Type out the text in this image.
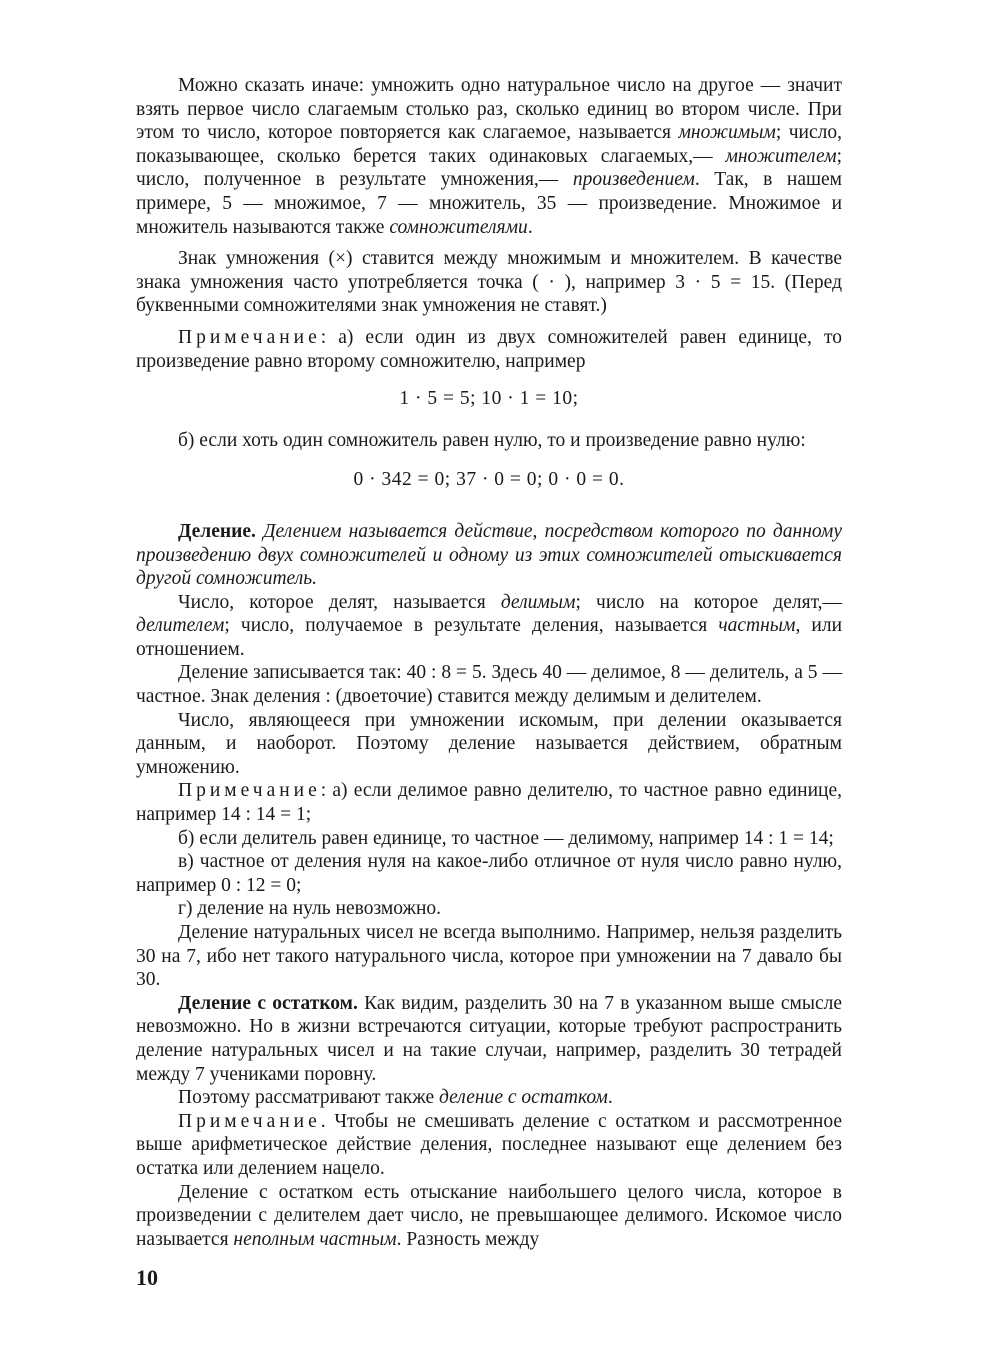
Можно сказать иначе: умножить одно натуральное число на другое — значит взять первое число слагаемым столько раз, сколько единиц во втором числе. При этом то число, которое повторяется как слагаемое, называется множимым; число, показывающее, сколько берется таких одинаковых слагаемых,— множителем; число, полученное в результате умножения,— произведением. Так, в нашем примере, 5 — множимое, 7 — множитель, 35 — произведение. Множимое и множитель называются также сомножителями.

Знак умножения (×) ставится между множимым и множителем. В качестве знака умножения часто употребляется точка ( · ), например 3 · 5 = 15. (Перед буквенными сомножителями знак умножения не ставят.)

Примечание: а) если один из двух сомножителей равен единице, то произведение равно второму сомножителю, например

1 · 5 = 5; 10 · 1 = 10;

б) если хоть один сомножитель равен нулю, то и произведение равно нулю:

0 · 342 = 0; 37 · 0 = 0; 0 · 0 = 0.

Деление. Делением называется действие, посредством которого по данному произведению двух сомножителей и одному из этих сомножителей отыскивается другой сомножитель.

Число, которое делят, называется делимым; число на которое делят,— делителем; число, получаемое в результате деления, называется частным, или отношением.

Деление записывается так: 40 : 8 = 5. Здесь 40 — делимое, 8 — делитель, а 5 — частное. Знак деления : (двоеточие) ставится между делимым и делителем.

Число, являющееся при умножении искомым, при делении оказывается данным, и наоборот. Поэтому деление называется действием, обратным умножению.

Примечание: а) если делимое равно делителю, то частное равно единице, например 14 : 14 = 1;

б) если делитель равен единице, то частное — делимому, например 14 : 1 = 14;

в) частное от деления нуля на какое-либо отличное от нуля число равно нулю, например 0 : 12 = 0;

г) деление на нуль невозможно.

Деление натуральных чисел не всегда выполнимо. Например, нельзя разделить 30 на 7, ибо нет такого натурального числа, которое при умножении на 7 давало бы 30.

Деление с остатком. Как видим, разделить 30 на 7 в указанном выше смысле невозможно. Но в жизни встречаются ситуации, которые требуют распространить деление натуральных чисел и на такие случаи, например, разделить 30 тетрадей между 7 учениками поровну.

Поэтому рассматривают также деление с остатком.

Примечание. Чтобы не смешивать деление с остатком и рассмотренное выше арифметическое действие деления, последнее называют еще делением без остатка или делением нацело.

Деление с остатком есть отыскание наибольшего целого числа, которое в произведении с делителем дает число, не превышающее делимого. Искомое число называется неполным частным. Разность между

10
